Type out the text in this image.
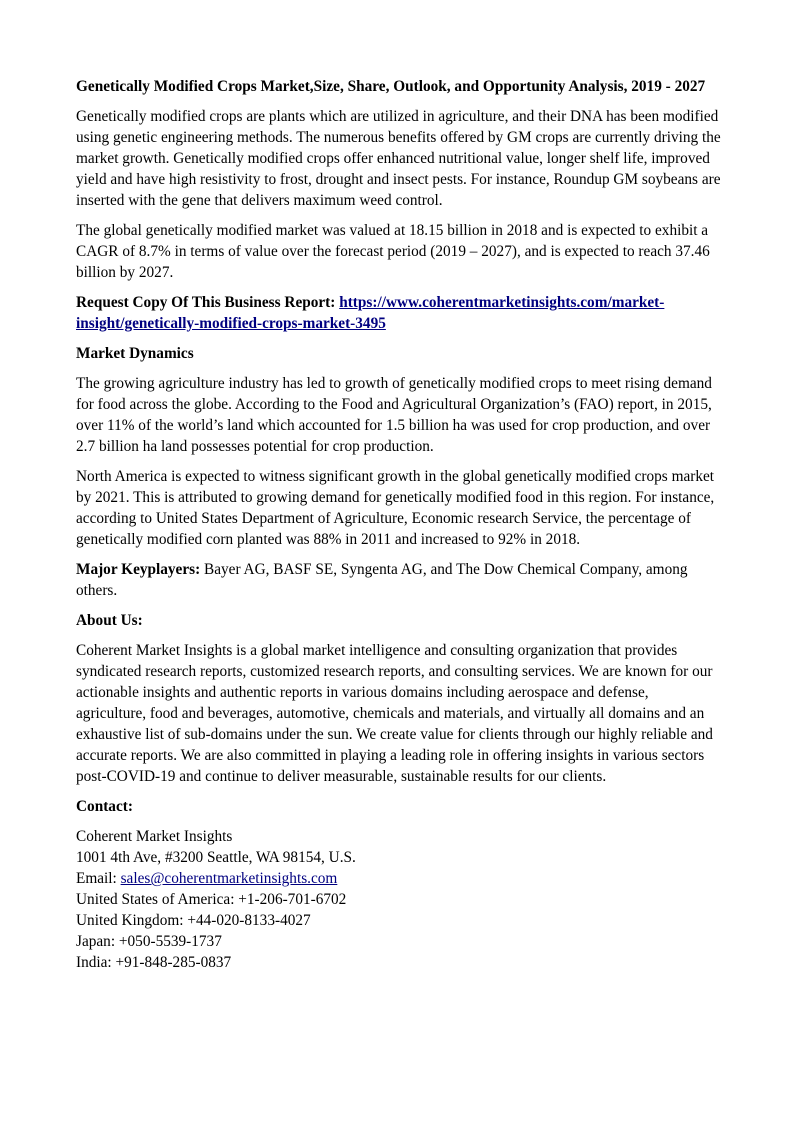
Genetically Modified Crops Market,Size, Share, Outlook, and Opportunity Analysis, 2019 - 2027

Genetically modified crops are plants which are utilized in agriculture, and their DNA has been modified using genetic engineering methods. The numerous benefits offered by GM crops are currently driving the market growth. Genetically modified crops offer enhanced nutritional value, longer shelf life, improved yield and have high resistivity to frost, drought and insect pests. For instance, Roundup GM soybeans are inserted with the gene that delivers maximum weed control.

The global genetically modified market was valued at 18.15 billion in 2018 and is expected to exhibit a CAGR of 8.7% in terms of value over the forecast period (2019 – 2027), and is expected to reach 37.46 billion by 2027.

Request Copy Of This Business Report: https://www.coherentmarketinsights.com/market-insight/genetically-modified-crops-market-3495

Market Dynamics

The growing agriculture industry has led to growth of genetically modified crops to meet rising demand for food across the globe. According to the Food and Agricultural Organization’s (FAO) report, in 2015, over 11% of the world’s land which accounted for 1.5 billion ha was used for crop production, and over 2.7 billion ha land possesses potential for crop production.

North America is expected to witness significant growth in the global genetically modified crops market by 2021. This is attributed to growing demand for genetically modified food in this region. For instance, according to United States Department of Agriculture, Economic research Service, the percentage of genetically modified corn planted was 88% in 2011 and increased to 92% in 2018.

Major Keyplayers: Bayer AG, BASF SE, Syngenta AG, and The Dow Chemical Company, among others.

About Us:

Coherent Market Insights is a global market intelligence and consulting organization that provides syndicated research reports, customized research reports, and consulting services. We are known for our actionable insights and authentic reports in various domains including aerospace and defense, agriculture, food and beverages, automotive, chemicals and materials, and virtually all domains and an exhaustive list of sub-domains under the sun. We create value for clients through our highly reliable and accurate reports. We are also committed in playing a leading role in offering insights in various sectors post-COVID-19 and continue to deliver measurable, sustainable results for our clients.

Contact:

Coherent Market Insights
1001 4th Ave, #3200 Seattle, WA 98154, U.S.
Email: sales@coherentmarketinsights.com
United States of America: +1-206-701-6702
United Kingdom: +44-020-8133-4027
Japan: +050-5539-1737
India: +91-848-285-0837
